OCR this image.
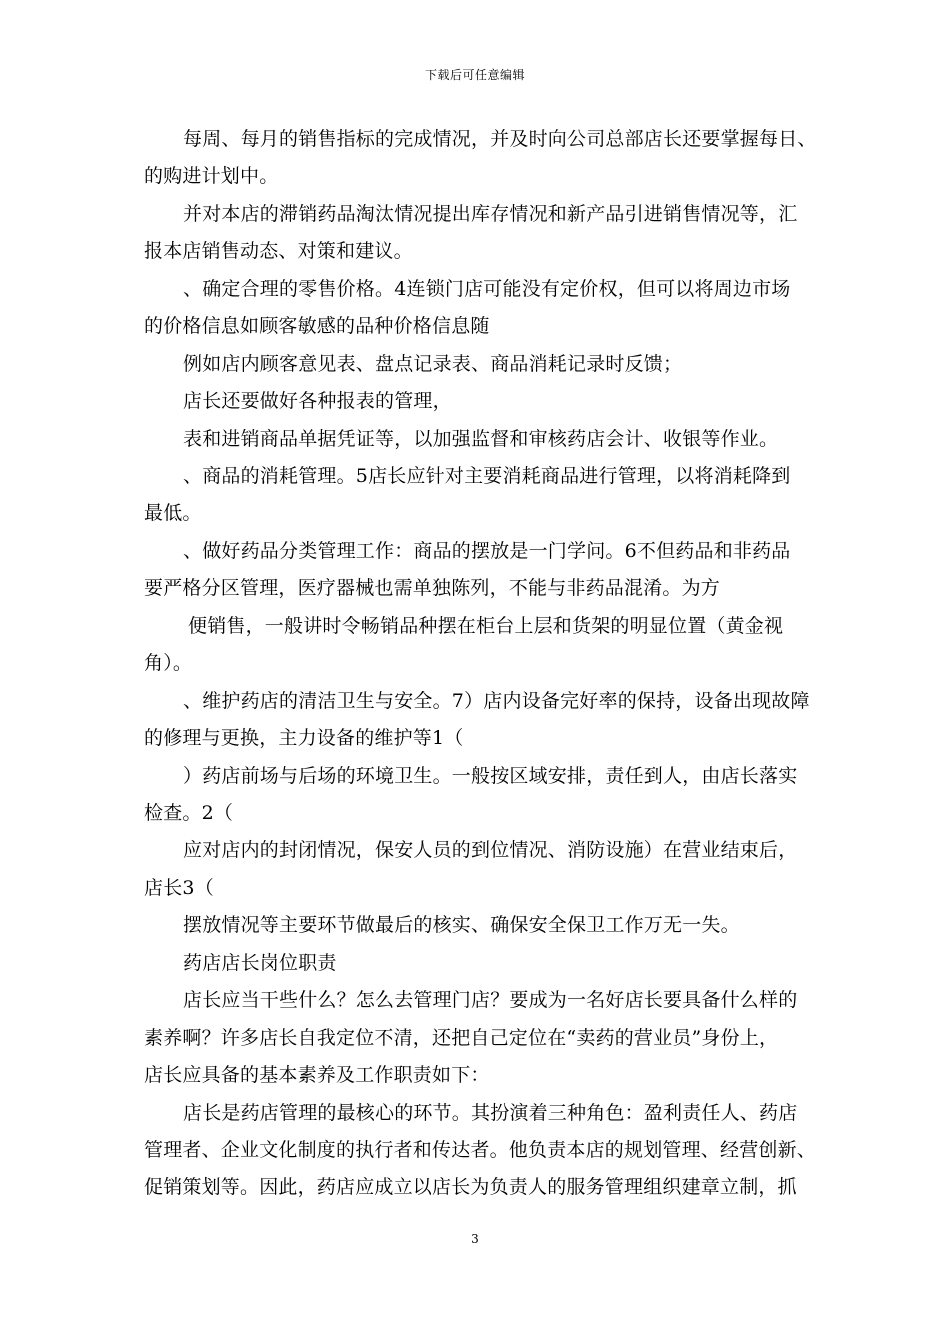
下载后可任意编辑
每周、每月的销售指标的完成情况，并及时向公司总部店长还要掌握每日、
的购进计划中。
并对本店的滞销药品淘汰情况提出库存情况和新产品引进销售情况等，汇
报本店销售动态、对策和建议。
、确定合理的零售价格。4连锁门店可能没有定价权，但可以将周边市场
的价格信息如顾客敏感的品种价格信息随
例如店内顾客意见表、盘点记录表、商品消耗记录时反馈；
店长还要做好各种报表的管理，
表和进销商品单据凭证等，以加强监督和审核药店会计、收银等作业。
、商品的消耗管理。5店长应针对主要消耗商品进行管理，以将消耗降到
最低。
、做好药品分类管理工作：商品的摆放是一门学问。6不但药品和非药品
要严格分区管理，医疗器械也需单独陈列，不能与非药品混淆。为方
便销售，一般讲时令畅销品种摆在柜台上层和货架的明显位置（黄金视
角）。
、维护药店的清洁卫生与安全。7）店内设备完好率的保持，设备出现故障
的修理与更换，主力设备的维护等1（
）药店前场与后场的环境卫生。一般按区域安排，责任到人，由店长落实
检查。2（
应对店内的封闭情况，保安人员的到位情况、消防设施）在营业结束后，
店长3（
摆放情况等主要环节做最后的核实、确保安全保卫工作万无一失。
药店店长岗位职责
店长应当干些什么？怎么去管理门店？要成为一名好店长要具备什么样的
素养啊？许多店长自我定位不清，还把自己定位在“卖药的营业员”身份上，
店长应具备的基本素养及工作职责如下：
店长是药店管理的最核心的环节。其扮演着三种角色：盈利责任人、药店
管理者、企业文化制度的执行者和传达者。他负责本店的规划管理、经营创新、
促销策划等。因此，药店应成立以店长为负责人的服务管理组织建章立制，抓
3
